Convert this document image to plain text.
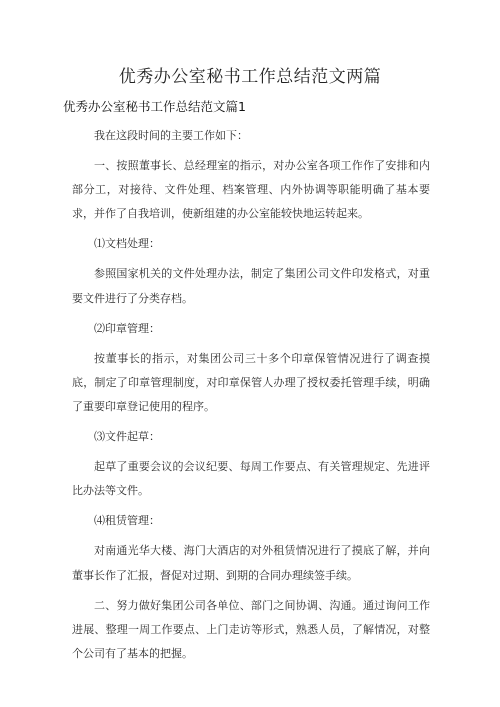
优秀办公室秘书工作总结范文两篇
优秀办公室秘书工作总结范文篇1

我在这段时间的主要工作如下：

一、按照董事长、总经理室的指示，对办公室各项工作作了安排和内部分工，对接待、文件处理、档案管理、内外协调等职能明确了基本要求，并作了自我培训，使新组建的办公室能较快地运转起来。

⑴文档处理：

参照国家机关的文件处理办法，制定了集团公司文件印发格式，对重要文件进行了分类存档。

⑵印章管理：

按董事长的指示，对集团公司三十多个印章保管情况进行了调查摸底，制定了印章管理制度，对印章保管人办理了授权委托管理手续，明确了重要印章登记使用的程序。

⑶文件起草：

起草了重要会议的会议纪要、每周工作要点、有关管理规定、先进评比办法等文件。

⑷租赁管理：

对南通光华大楼、海门大酒店的对外租赁情况进行了摸底了解，并向董事长作了汇报，督促对过期、到期的合同办理续签手续。

二、努力做好集团公司各单位、部门之间协调、沟通。通过询问工作进展、整理一周工作要点、上门走访等形式，熟悉人员，了解情况，对整个公司有了基本的把握。
